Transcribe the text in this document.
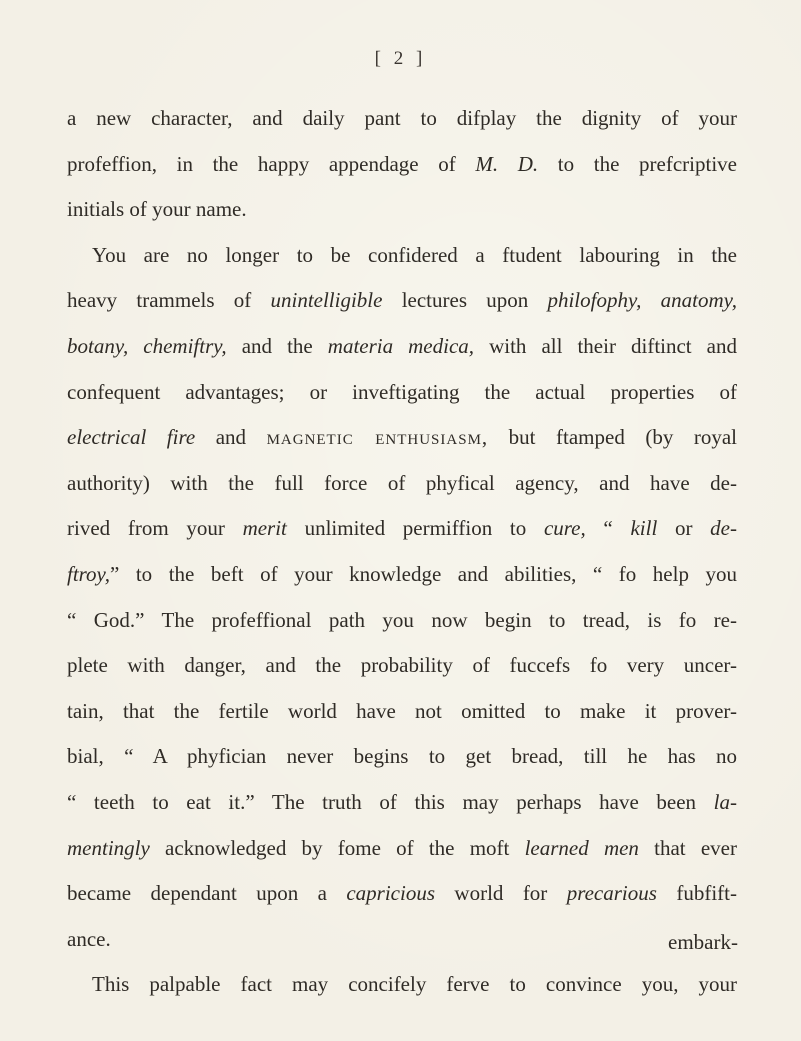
[ 2 ]
a new character, and daily pant to difplay the dignity of your
profeffion, in the happy appendage of M. D. to the prefcriptive
initials of your name.
You are no longer to be confidered a ftudent labouring in the
heavy trammels of unintelligible lectures upon philofophy, anatomy,
botany, chemiftry, and the materia medica, with all their diftinct and
confequent advantages; or inveftigating the actual properties of
electrical fire and magnetic enthusiasm, but ftamped (by royal
authority) with the full force of phyfical agency, and have de-
rived from your merit unlimited permiffion to cure, “ kill or de-
ftroy,” to the beft of your knowledge and abilities, “ fo help you
“ God.” The profeffional path you now begin to tread, is fo re-
plete with danger, and the probability of fuccefs fo very uncer-
tain, that the fertile world have not omitted to make it prover-
bial, “ A phyfician never begins to get bread, till he has no
“ teeth to eat it.” The truth of this may perhaps have been la-
mentingly acknowledged by fome of the moft learned men that ever
became dependant upon a capricious world for precarious fubfift-
ance.
This palpable fact may concifely ferve to convince you, your
embark-
